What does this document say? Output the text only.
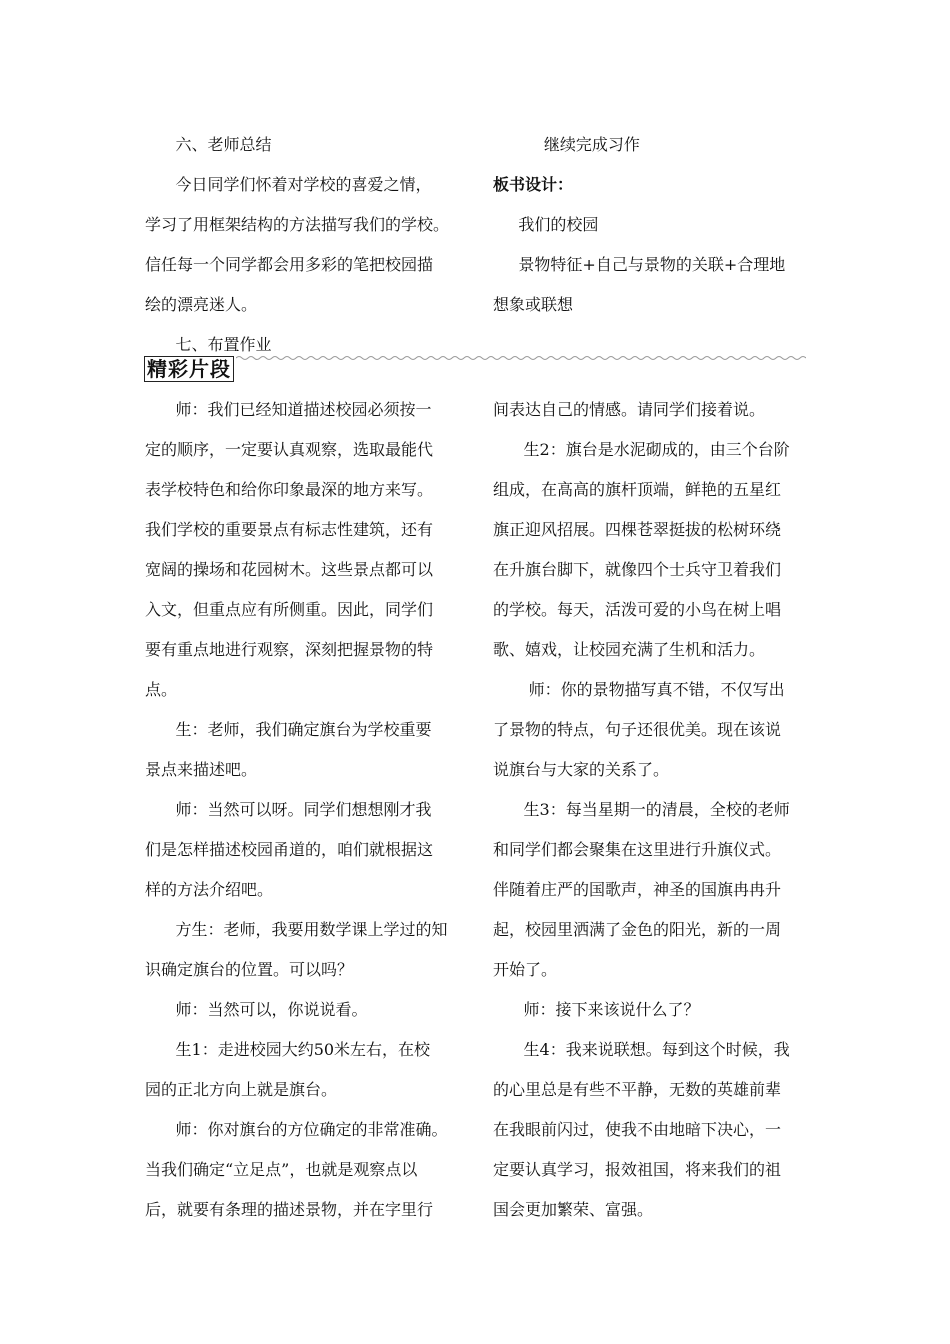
六、老师总结

今日同学们怀着对学校的喜爱之情，

学习了用框架结构的方法描写我们的学校。

信任每一个同学都会用多彩的笔把校园描

绘的漂亮迷人。

七、布置作业

继续完成习作

板书设计：

我们的校园

景物特征+自己与景物的关联+合理地

想象或联想

精彩片段

师：我们已经知道描述校园必须按一

定的顺序，一定要认真观察，选取最能代

表学校特色和给你印象最深的地方来写。

我们学校的重要景点有标志性建筑，还有

宽阔的操场和花园树木。这些景点都可以

入文，但重点应有所侧重。因此，同学们

要有重点地进行观察，深刻把握景物的特

点。

生：老师，我们确定旗台为学校重要

景点来描述吧。

师：当然可以呀。同学们想想刚才我

们是怎样描述校园甬道的，咱们就根据这

样的方法介绍吧。

方生：老师，我要用数学课上学过的知

识确定旗台的位置。可以吗？

师：当然可以，你说说看。

生1：走进校园大约50米左右，在校

园的正北方向上就是旗台。

师：你对旗台的方位确定的非常准确。

当我们确定“立足点”，也就是观察点以

后，就要有条理的描述景物，并在字里行

间表达自己的情感。请同学们接着说。

生2：旗台是水泥砌成的，由三个台阶

组成，在高高的旗杆顶端，鲜艳的五星红

旗正迎风招展。四棵苍翠挺拔的松树环绕

在升旗台脚下，就像四个士兵守卫着我们

的学校。每天，活泼可爱的小鸟在树上唱

歌、嬉戏，让校园充满了生机和活力。

师：你的景物描写真不错，不仅写出

了景物的特点，句子还很优美。现在该说

说旗台与大家的关系了。

生3：每当星期一的清晨，全校的老师

和同学们都会聚集在这里进行升旗仪式。

伴随着庄严的国歌声，神圣的国旗冉冉升

起，校园里洒满了金色的阳光，新的一周

开始了。

师：接下来该说什么了？

生4：我来说联想。每到这个时候，我

的心里总是有些不平静，无数的英雄前辈

在我眼前闪过，使我不由地暗下决心，一

定要认真学习，报效祖国，将来我们的祖

国会更加繁荣、富强。
